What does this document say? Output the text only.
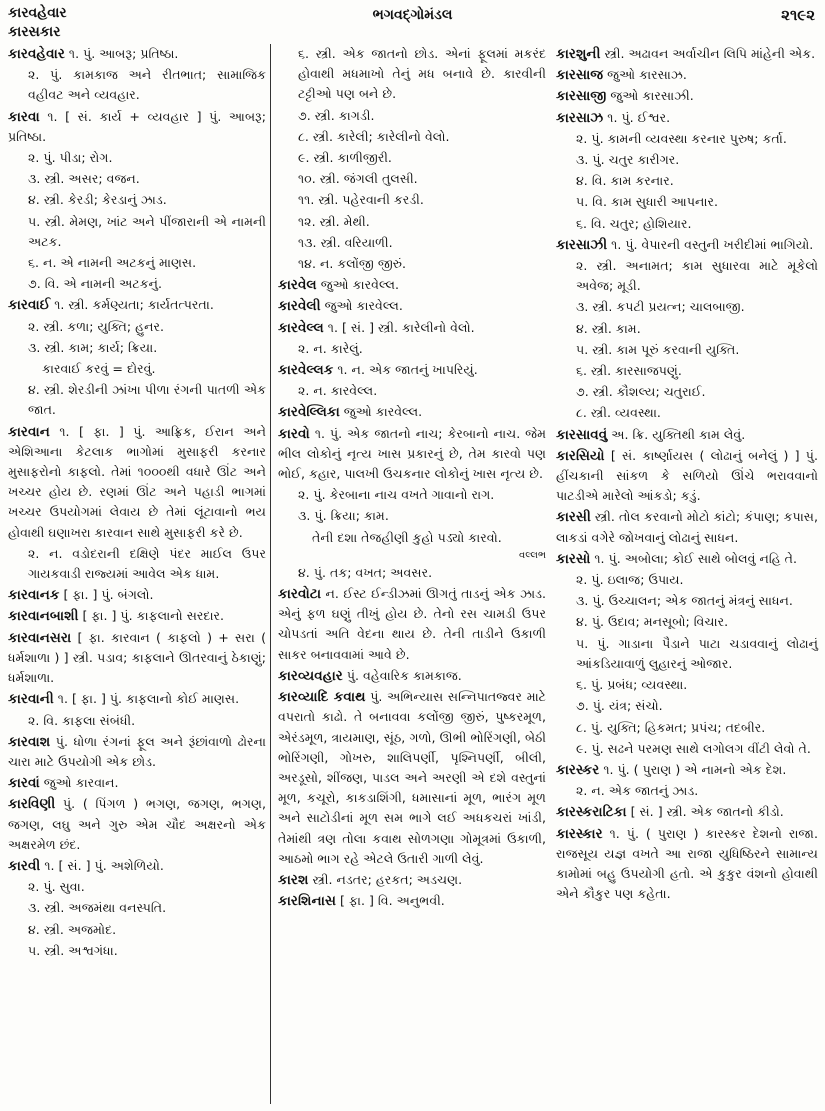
કારવહેવાર
કારસકાર
ભગવદ્ગોમંડલ	૨૧૯૨
કારવહેવાર ૧. પું. આબરૂ; પ્રતિષ્ઠા.
૨. પું. કામકાજ અને રીતભાત; સામાજિક વહીવટ અને વ્યવહાર.
કારવા ૧. [ સં. કાર્ય + વ્યવહાર ] પું. આબરૂ; પ્રતિષ્ઠા.
૨. પું. પીડા; રોગ.
૩. સ્ત્રી. અસર; વજન.
૪. સ્ત્રી. કેરડી; કેરડાનું ઝાડ.
૫. સ્ત્રી. મેમણ, ખાંટ અને પીંજારાની એ નામની અટક.
૬. ન. એ નામની અટકનું માણસ.
૭. વિ. એ નામની અટકનું.
કારવાઈ ૧. સ્ત્રી. કર્મણ્યતા; કાર્યતત્પરતા.
૨. સ્ત્રી. કળા; યુક્તિ; હુનર.
૩. સ્ત્રી. કામ; કાર્ય; ક્રિયા.
કારવાઈ કરવું = દોરવું.
૪. સ્ત્રી. શેરડીની ઝાંખા પીળા રંગની પાતળી એક જાત.
કારવાન ૧. [ ફા. ] પું. આફ્રિક, ઈરાન અને એશિઆના કેટલાક ભાગોમાં મુસાફરી કરનાર મુસાફરોનો કાફલો. તેમાં ૧૦૦૦થી વધારે ઊંટ અને ખચ્ચર હોય છે. રણમાં ઊંટ અને પહાડી ભાગમાં ખચ્ચર ઉપયોગમાં લેવાય છે તેમાં લૂંટાવાનો ભય હોવાથી ઘણાખરા કારવાન સાથે મુસાફરી કરે છે.
૨. ન. વડોદરાની દક્ષિણે પંદર માઈલ ઉપર ગાયકવાડી રાજ્યમાં આવેલ એક ધામ.
કારવાનક [ ફા. ] પું. બંગલો.
કારવાનબાશી [ ફા. ] પું. કાફલાનો સરદાર.
કારવાનસરા [ ફા. કારવાન ( કાફલો ) + સરા ( ધર્મશાળા ) ] સ્ત્રી. પડાવ; કાફલાને ઊતરવાનું ઠેકાણું; ધર્મશાળા.
કારવાની ૧. [ ફા. ] પું. કાફલાનો કોઈ માણસ.
૨. વિ. કાફલા સંબંધી.
કારવાશ પું. ધોળા રંગનાં ફૂલ અને રૂંછાંવાળો ઢોરના ચારા માટે ઉપયોગી એક છોડ.
કારવાં જુઓ કારવાન.
કારવિણી પું. ( પિંગળ ) ભગણ, જગણ, ભગણ, જગણ, લઘુ અને ગુરુ એમ ચૌદ અક્ષરનો એક અક્ષરમેળ છંદ.
કારવી ૧. [ સં. ] પું. અશેળિયો.
૨. પું. સુવા.
૩. સ્ત્રી. અજમંથા વનસ્પતિ.
૪. સ્ત્રી. અજમોદ.
૫. સ્ત્રી. અશ્વગંધા.
૬. સ્ત્રી. એક જાતનો છોડ. એનાં ફૂલમાં મકરંદ હોવાથી મધમાખો તેનું મધ બનાવે છે. કારવીની ટટ્ટીઓ પણ બને છે.
૭. સ્ત્રી. કાગડી.
૮. સ્ત્રી. કારેલી; કારેલીનો વેલો.
૯. સ્ત્રી. કાળીજીરી.
૧૦. સ્ત્રી. જંગલી તુલસી.
૧૧. સ્ત્રી. પહેરવાની કરડી.
૧૨. સ્ત્રી. મેથી.
૧૩. સ્ત્રી. વરિયાળી.
૧૪. ન. કલોંજી જીરું.
કારવેલ જુઓ કારવેલ્લ.
કારવેલી જુઓ કારવેલ્લ.
કારવેલ્લ ૧. [ સં. ] સ્ત્રી. કારેલીનો વેલો.
૨. ન. કારેલું.
કારવેલ્લક ૧. ન. એક જાતનું ખાપરિયું.
૨. ન. કારવેલ્લ.
કારવેલ્લિકા જુઓ કારવેલ્લ.
કારવો ૧. પું. એક જાતનો નાચ; કેરબાનો નાચ. જેમ ભીલ લોકોનું નૃત્ય ખાસ પ્રકારનું છે, તેમ કારવો પણ ભોઈ, કહાર, પાલખી ઉચકનાર લોકોનું ખાસ નૃત્ય છે.
૨. પું. કેરબાના નાચ વખતે ગાવાનો રાગ.
૩. પું. ક્રિયા; કામ.
તેની દશા તેજહીણી કુહો પડ્યો કારવો.
વલ્લભ
૪. પું. તક; વખત; અવસર.
કારવોટા ન. ઈસ્ટ ઈન્ડીઝમાં ઊગતું તાડનું એક ઝાડ. એનું ફળ ઘણું તીખું હોય છે. તેનો રસ ચામડી ઉપર ચોપડતાં અતિ વેદના થાય છે. તેની તાડીને ઉકાળી સાકર બનાવવામાં આવે છે.
કારવ્યવહાર પું. વહેવારિક કામકાજ.
કારવ્યાદિ કવાથ પું. અભિન્યાસ સન્નિપાતજ્વર માટે વપરાતો કાઢો. તે બનાવવા કલોંજી જીરું, પુષ્કરમૂળ, એરંડમૂળ, ત્રાયમાણ, સૂંઠ, ગળો, ઊભી ભોરિંગણી, બેઠી ભોરિંગણી, ગોખરુ, શાલિપર્ણી, પૃશ્નિપર્ણી, બીલી, અરડૂસો, શીંજણ, પાડલ અને અરણી એ દશે વસ્તુનાં મૂળ, કચૂરો, કાકડાશિંગી, ધમાસાનાં મૂળ, ભારંગ મૂળ અને સાટોડીનાં મૂળ સમ ભાગે લઈ અધકચરાં ખાંડી, તેમાંથી ત્રણ તોલા કવાથ સોળગણા ગોમૂત્રમાં ઉકાળી, આઠમો ભાગ રહે એટલે ઉતારી ગાળી લેવું.
કારશ સ્ત્રી. નડતર; હરકત; અડચણ.
કારશિનાસ [ ફા. ] વિ. અનુભવી.
કારશુની સ્ત્રી. અઢાવન અર્વાચીન લિપિ માંહેની એક.
કારસાજ જુઓ કારસાઝ.
કારસાજી જુઓ કારસાઝી.
કારસાઝ ૧. પું. ઈશ્વર.
૨. પું. કામની વ્યવસ્થા કરનાર પુરુષ; કર્તા.
૩. પું. ચતુર કારીગર.
૪. વિ. કામ કરનાર.
૫. વિ. કામ સુધારી આપનાર.
૬. વિ. ચતુર; હોશિયાર.
કારસાઝી ૧. પું. વેપારની વસ્તુની ખરીદીમાં ભાગિયો.
૨. સ્ત્રી. અનામત; કામ સુધારવા માટે મૂકેલો અવેજ; મૂડી.
૩. સ્ત્રી. કપટી પ્રયત્ન; ચાલબાજી.
૪. સ્ત્રી. કામ.
૫. સ્ત્રી. કામ પૂરું કરવાની યુક્તિ.
૬. સ્ત્રી. કારસાજપણું.
૭. સ્ત્રી. કૌશલ્ય; ચતુરાઈ.
૮. સ્ત્રી. વ્યવસ્થા.
કારસાવવું અ. ક્રિ. યુક્તિથી કામ લેવું.
કારસિયો [ સં. કાર્ષ્ણાયસ ( લોઢાનું બનેલું ) ] પું. હીંચકાની સાંકળ કે સળિયો ઊંચે ભરાવવાનો પાટડીએ મારેલો આંકડો; કડું.
કારસી સ્ત્રી. તોલ કરવાનો મોટો કાંટો; કંપાણ; કપાસ, લાકડાં વગેરે જોખવાનું લોઢાનું સાધન.
કારસો ૧. પું. અબોલા; કોઈ સાથે બોલવું નહિ તે.
૨. પું. ઇલાજ; ઉપાય.
૩. પું. ઉચ્ચાલન; એક જાતનું મંત્રનું સાધન.
૪. પું. ઉદાવ; મનસૂબો; વિચાર.
૫. પું. ગાડાના પૈડાને પાટા ચડાવવાનું લોઢાનું આંકડિયાવાળું લુહારનું ઓજાર.
૬. પું. પ્રબંધ; વ્યવસ્થા.
૭. પું. યંત્ર; સંચો.
૮. પું. યુક્તિ; હિકમત; પ્રપંચ; તદબીર.
૯. પું. સઢને પરમણ સાથે લગોલગ વીંટી લેવો તે.
કારસ્કર ૧. પું. ( પુરાણ ) એ નામનો એક દેશ.
૨. ન. એક જાતનું ઝાડ.
કારસ્કરાટિકા [ સં. ] સ્ત્રી. એક જાતનો કીડો.
કારસ્કાર ૧. પું. ( પુરાણ ) કારસ્કર દેશનો રાજા. રાજસૂય યજ્ઞ વખતે આ રાજા યુધિષ્ઠિરને સામાન્ય કામોમાં બહુ ઉપયોગી હતો. એ કુકુર વંશનો હોવાથી એને કૌકુર પણ કહેતા.
